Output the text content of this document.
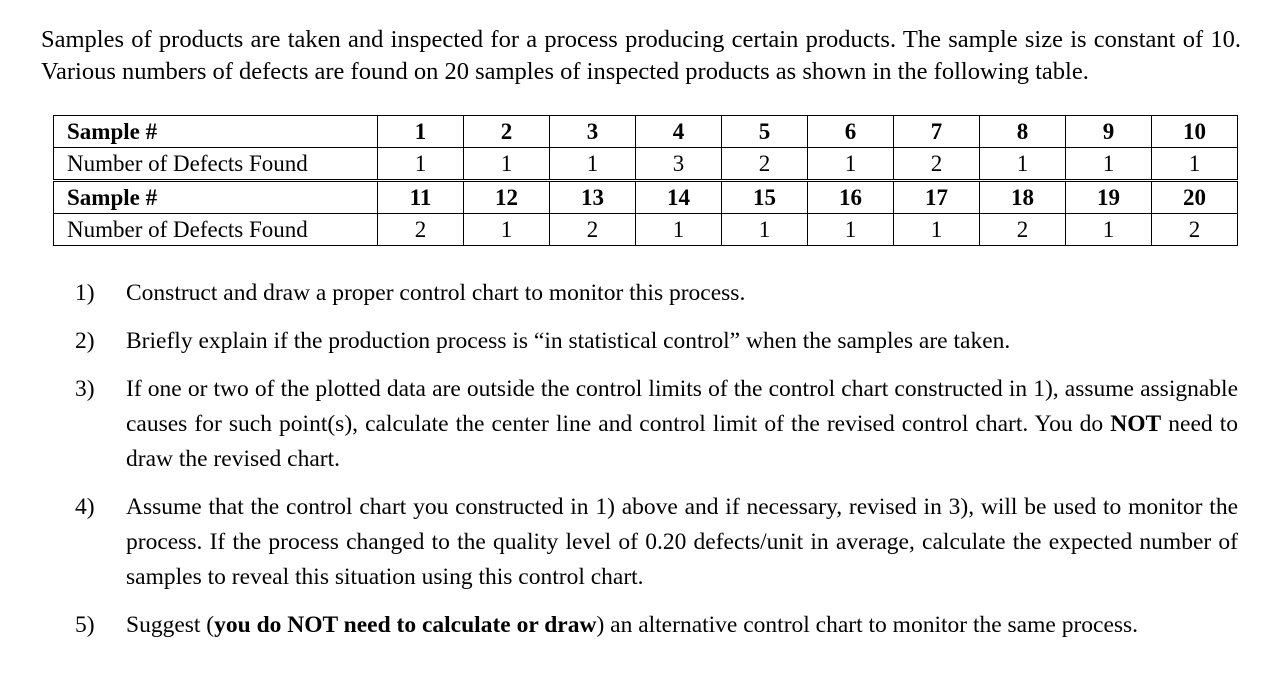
Samples of products are taken and inspected for a process producing certain products. The sample size is constant of 10. Various numbers of defects are found on 20 samples of inspected products as shown in the following table.

Sample #	1	2	3	4	5	6	7	8	9	10
Number of Defects Found	1	1	1	3	2	1	2	1	1	1
Sample #	11	12	13	14	15	16	17	18	19	20
Number of Defects Found	2	1	2	1	1	1	1	2	1	2
1) Construct and draw a proper control chart to monitor this process.
2) Briefly explain if the production process is “in statistical control” when the samples are taken.
3) If one or two of the plotted data are outside the control limits of the control chart constructed in 1), assume assignable causes for such point(s), calculate the center line and control limit of the revised control chart. You do NOT need to draw the revised chart.
4) Assume that the control chart you constructed in 1) above and if necessary, revised in 3), will be used to monitor the process. If the process changed to the quality level of 0.20 defects/unit in average, calculate the expected number of samples to reveal this situation using this control chart.
5) Suggest (you do NOT need to calculate or draw) an alternative control chart to monitor the same process.
